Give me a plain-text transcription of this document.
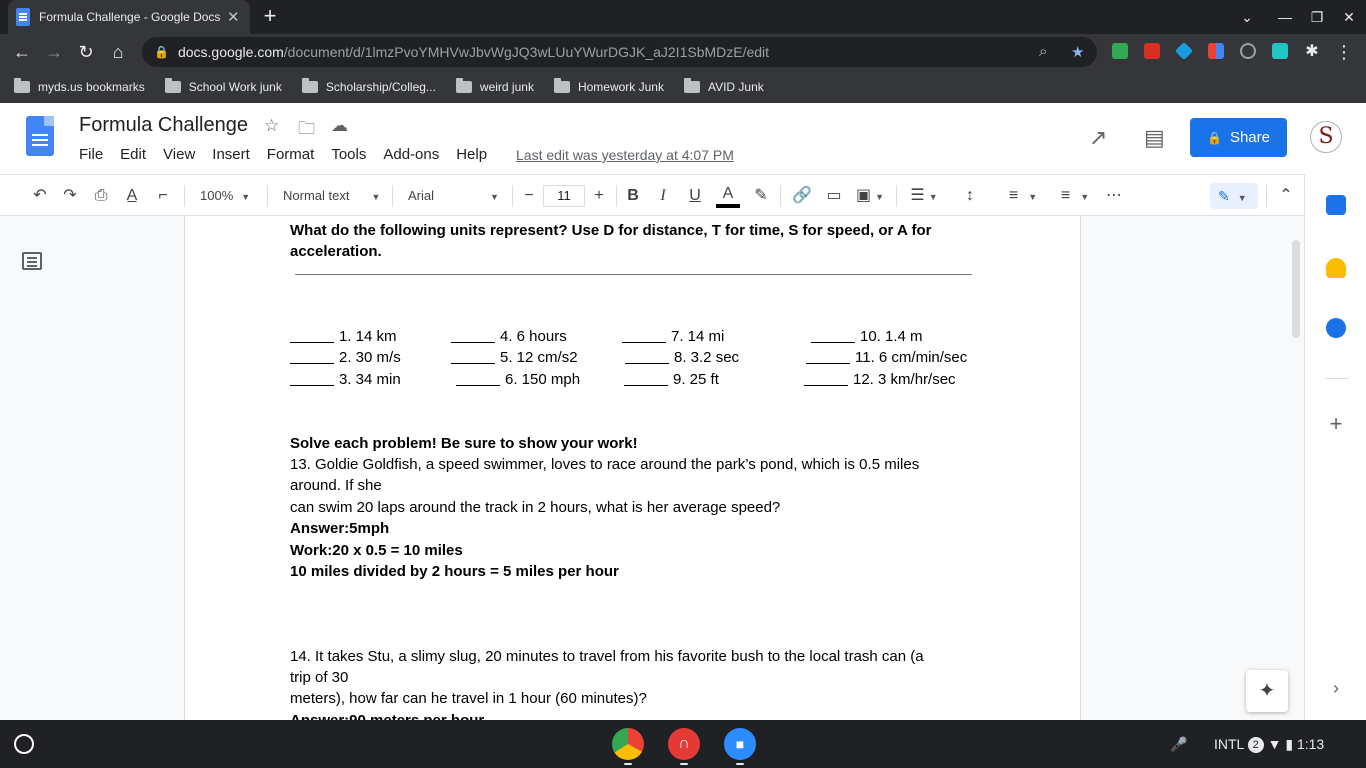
Formula Challenge - Google Docs ✕ +	⌄	—	❐	✕
← → ↻	⌂	🔒 docs.google.com /document/d/1lmzPvoYMHVwJbvWgJQ3wLUuYWurDGJK_aJ2I1SbMDzE/edit	⌕ ★	✱ ⋮
myds.us bookmarks	School Work junk	Scholarship/Colleg...	weird junk	Homework Junk	AVID Junk
Formula Challenge ☆ 🗀 ☁
File Edit View Insert Format Tools Add-ons Help Last edit was yesterday at 4:07 PM
↗ ▤	🔒 Share	S
↶	↷	⎙	A̲	⌐	100% ▼	Normal text ▼ Arial	▼	−	11	+	B	I	U	A	✎	🔗 ▭ ▣ ▼ ☰ ▼	↕	≡ ▼	≡ ▼	⋯	✎ ▼	⌃
What do the following units represent? Use D for distance, T for time, S for speed, or A for
acceleration.
1. 14 km	4. 6 hours	7. 14 mi	10. 1.4 m
2. 30 m/s	5. 12 cm/s2	8. 3.2 sec	11. 6 cm/min/sec
3. 34 min	6. 150 mph	9. 25 ft	12. 3 km/hr/sec
Solve each problem! Be sure to show your work!
13. Goldie Goldfish, a speed swimmer, loves to race around the park’s pond, which is 0.5 miles
around. If she
can swim 20 laps around the track in 2 hours, what is her average speed?
Answer:5mph
Work:20 x 0.5 = 10 miles
10 miles divided by 2 hours = 5 miles per hour
14. It takes Stu, a slimy slug, 20 minutes to travel from his favorite bush to the local trash can (a
trip of 30
meters), how far can he travel in 1 hour (60 minutes)?	✦
+
›
∩	■	🎤 INTL 2 ▼ ▮ 1:13
